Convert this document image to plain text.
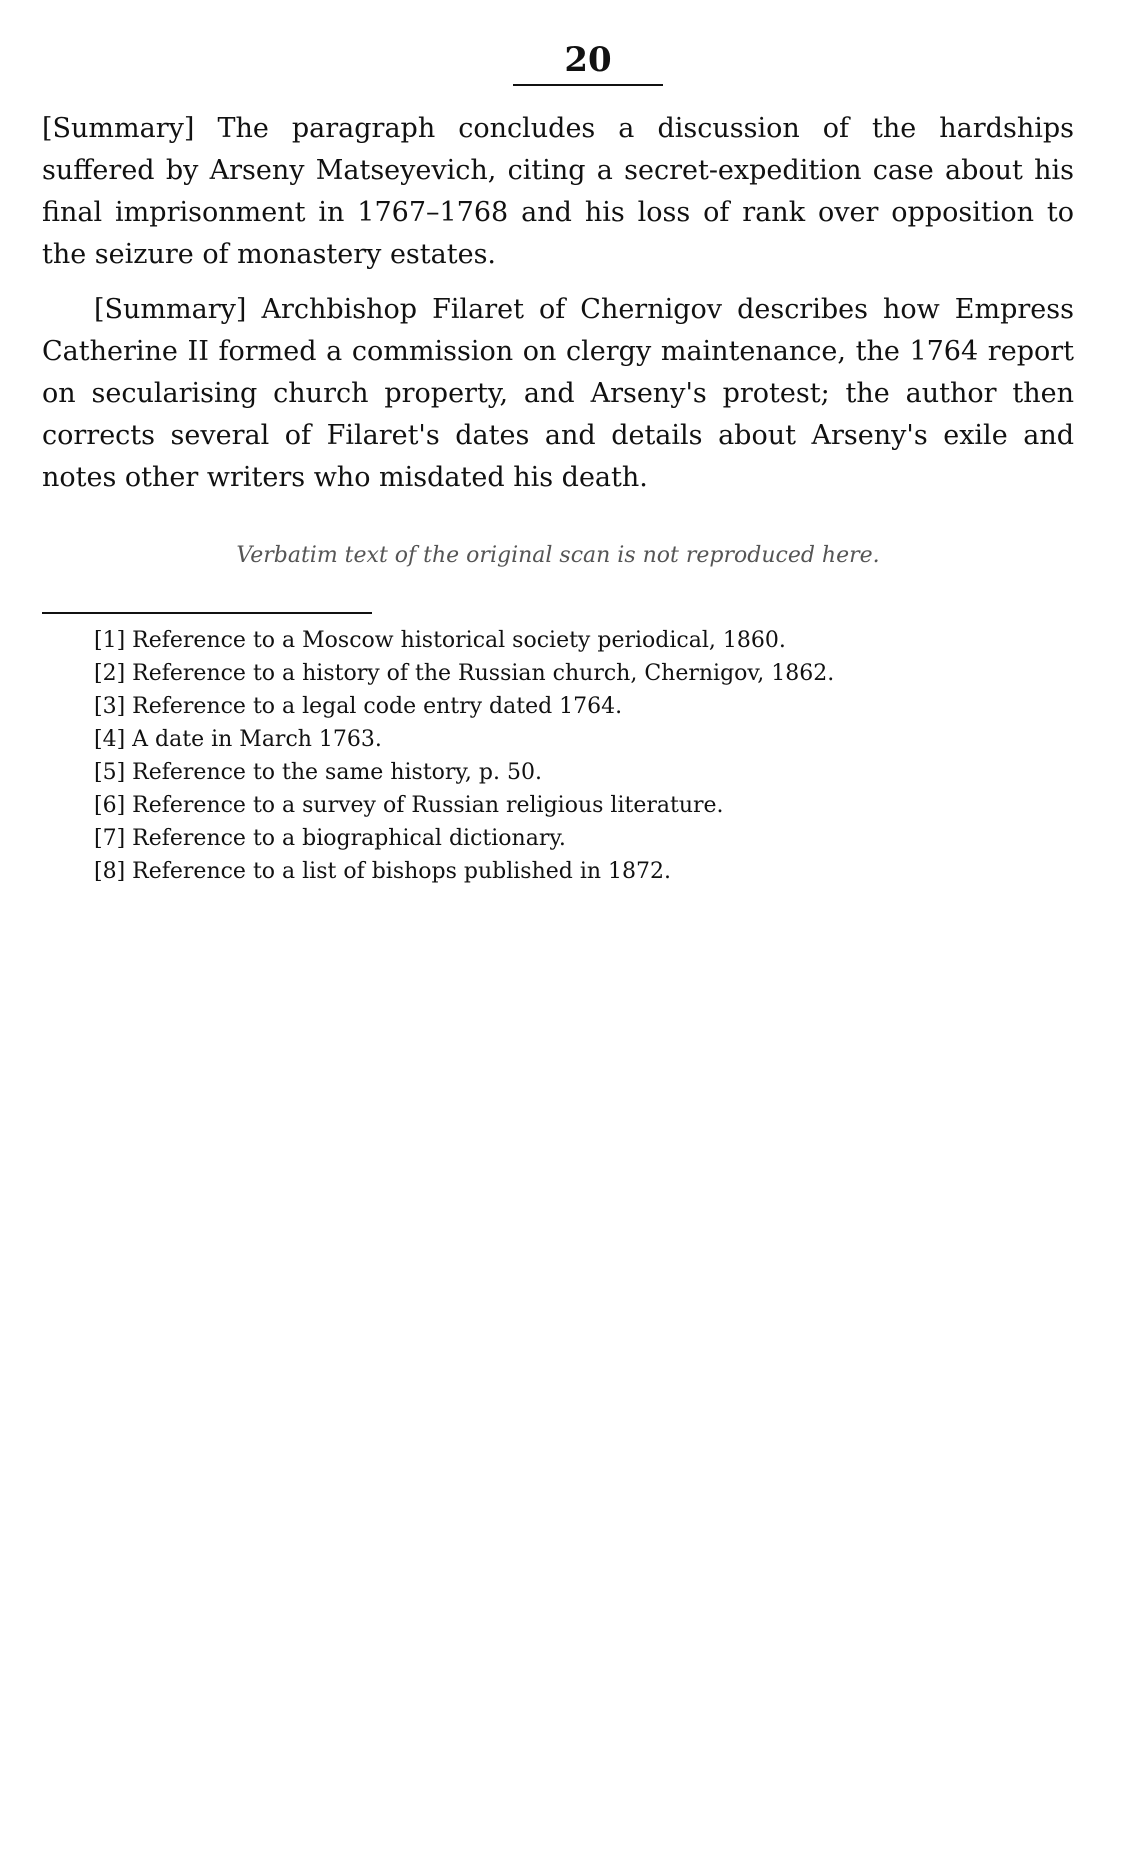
20

[Summary] The paragraph concludes a discussion of the hardships suffered by Arseny Matseyevich, citing a secret-expedition case about his final imprisonment in 1767–1768 and his loss of rank over opposition to the seizure of monastery estates.

[Summary] Archbishop Filaret of Chernigov describes how Empress Catherine II formed a commission on clergy maintenance, the 1764 report on secularising church property, and Arseny's protest; the author then corrects several of Filaret's dates and details about Arseny's exile and notes other writers who misdated his death.

Verbatim text of the original scan is not reproduced here.
[1] Reference to a Moscow historical society periodical, 1860.
[2] Reference to a history of the Russian church, Chernigov, 1862.
[3] Reference to a legal code entry dated 1764.
[4] A date in March 1763.
[5] Reference to the same history, p. 50.
[6] Reference to a survey of Russian religious literature.
[7] Reference to a biographical dictionary.
[8] Reference to a list of bishops published in 1872.
